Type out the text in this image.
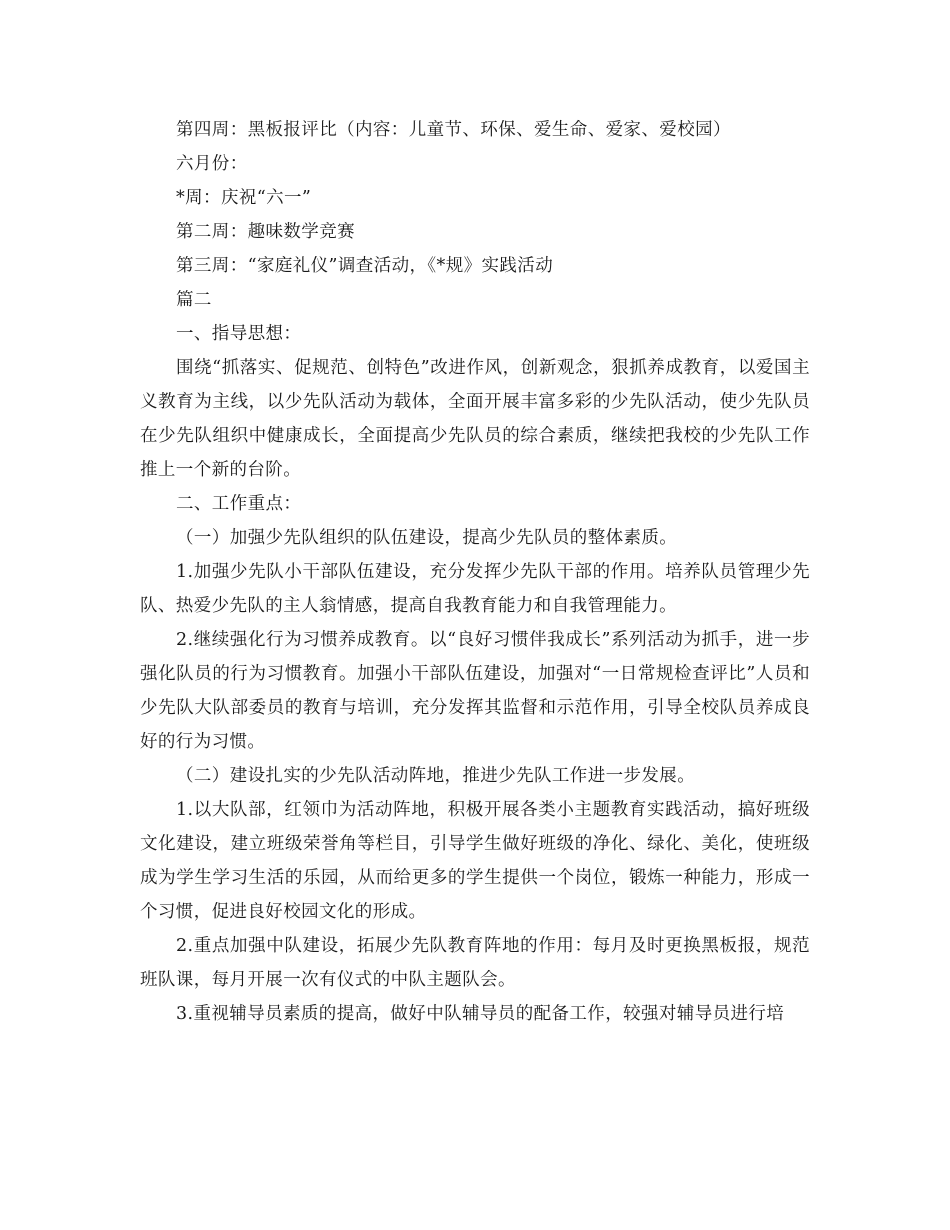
第四周：黑板报评比（内容：儿童节、环保、爱生命、爱家、爱校园）

六月份：

*周：庆祝“六一”

第二周：趣味数学竞赛

第三周：“家庭礼仪”调查活动，《*规》实践活动

篇二

一、指导思想：

围绕“抓落实、促规范、创特色”改进作风，创新观念，狠抓养成教育，以爱国主义教育为主线，以少先队活动为载体，全面开展丰富多彩的少先队活动，使少先队员在少先队组织中健康成长，全面提高少先队员的综合素质，继续把我校的少先队工作推上一个新的台阶。

二、工作重点：

（一）加强少先队组织的队伍建设，提高少先队员的整体素质。

1.加强少先队小干部队伍建设，充分发挥少先队干部的作用。培养队员管理少先队、热爱少先队的主人翁情感，提高自我教育能力和自我管理能力。

2.继续强化行为习惯养成教育。以“良好习惯伴我成长”系列活动为抓手，进一步强化队员的行为习惯教育。加强小干部队伍建设，加强对“一日常规检查评比”人员和少先队大队部委员的教育与培训，充分发挥其监督和示范作用，引导全校队员养成良好的行为习惯。

（二）建设扎实的少先队活动阵地，推进少先队工作进一步发展。

1.以大队部，红领巾为活动阵地，积极开展各类小主题教育实践活动，搞好班级文化建设，建立班级荣誉角等栏目，引导学生做好班级的净化、绿化、美化，使班级成为学生学习生活的乐园，从而给更多的学生提供一个岗位，锻炼一种能力，形成一个习惯，促进良好校园文化的形成。

2.重点加强中队建设，拓展少先队教育阵地的作用：每月及时更换黑板报，规范班队课，每月开展一次有仪式的中队主题队会。

3.重视辅导员素质的提高，做好中队辅导员的配备工作，较强对辅导员进行培
